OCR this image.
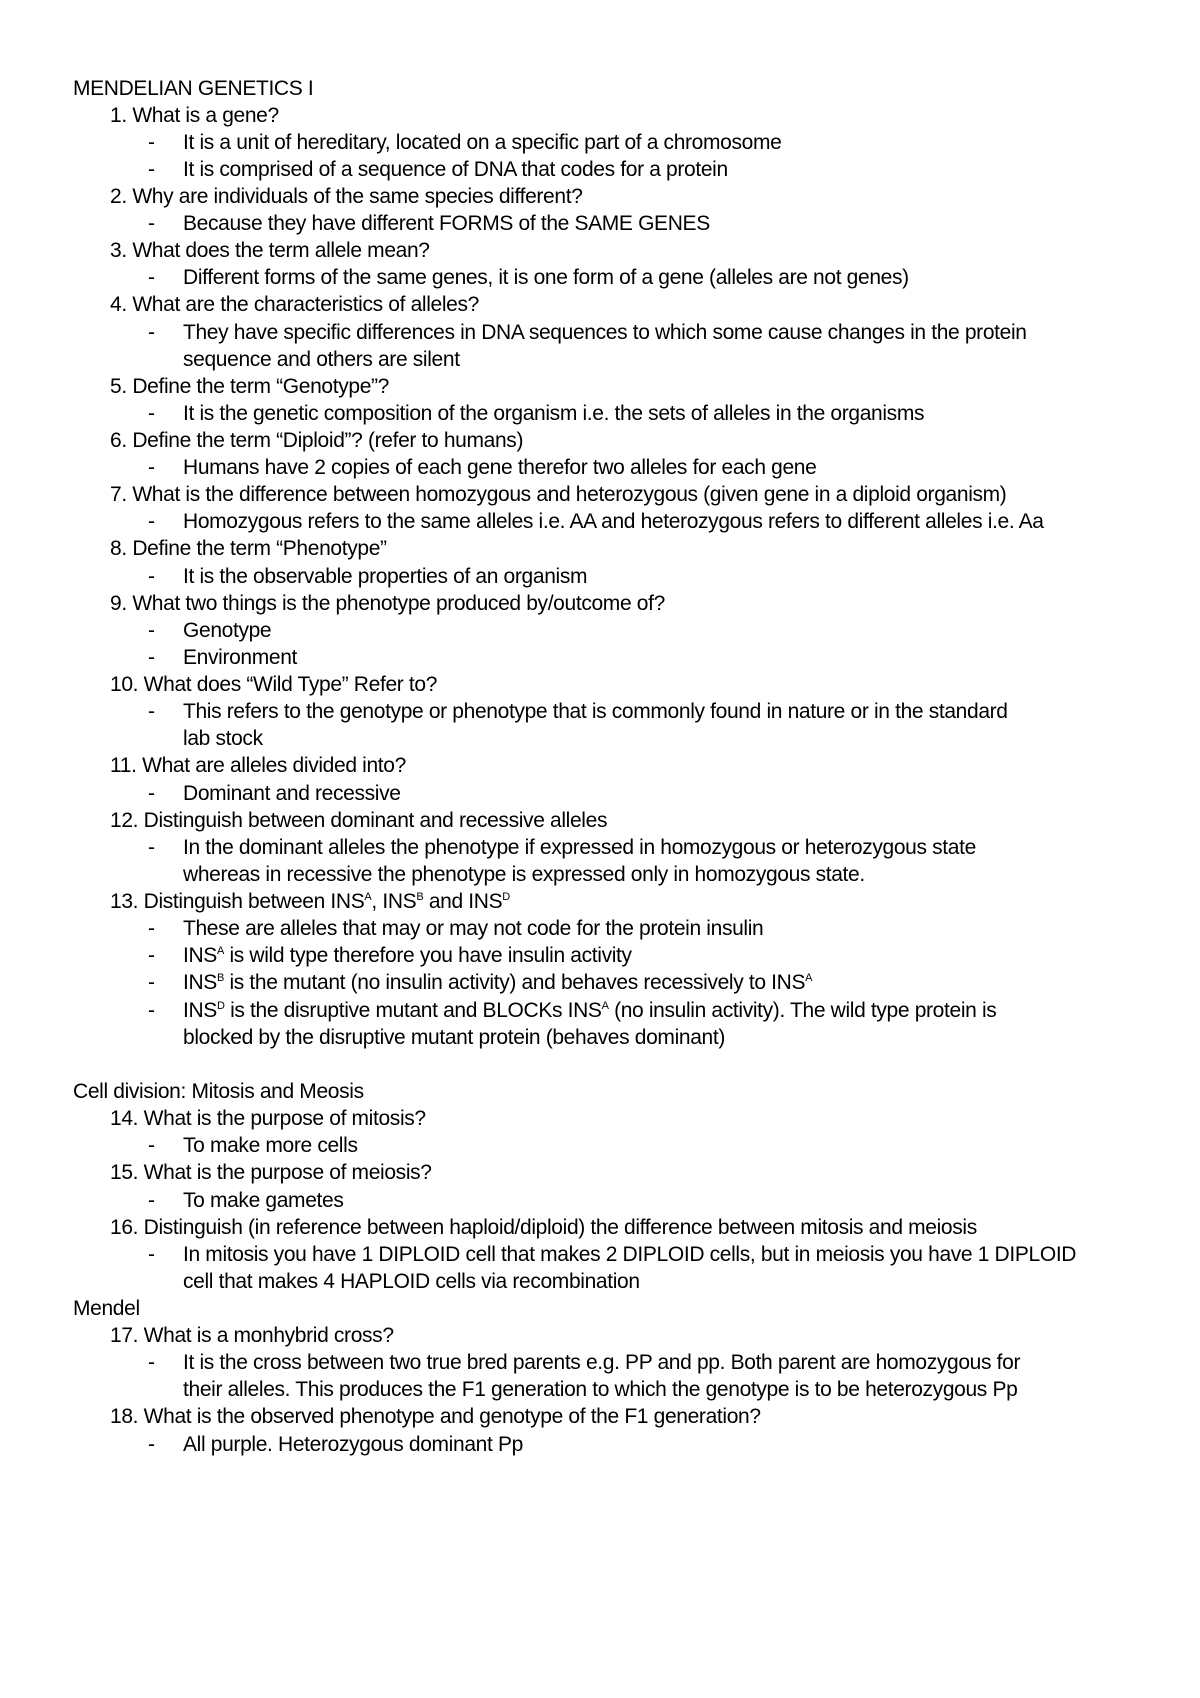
MENDELIAN GENETICS I
1. What is a gene?
- It is a unit of hereditary, located on a specific part of a chromosome
- It is comprised of a sequence of DNA that codes for a protein
2. Why are individuals of the same species different?
- Because they have different FORMS of the SAME GENES
3. What does the term allele mean?
- Different forms of the same genes, it is one form of a gene (alleles are not genes)
4. What are the characteristics of alleles?
- They have specific differences in DNA sequences to which some cause changes in the protein
sequence and others are silent
5. Define the term “Genotype”?
- It is the genetic composition of the organism i.e. the sets of alleles in the organisms
6. Define the term “Diploid”? (refer to humans)
- Humans have 2 copies of each gene therefor two alleles for each gene
7. What is the difference between homozygous and heterozygous (given gene in a diploid organism)
- Homozygous refers to the same alleles i.e. AA and heterozygous refers to different alleles i.e. Aa
8. Define the term “Phenotype”
- It is the observable properties of an organism
9. What two things is the phenotype produced by/outcome of?
- Genotype
- Environment
10. What does “Wild Type” Refer to?
- This refers to the genotype or phenotype that is commonly found in nature or in the standard
lab stock
11. What are alleles divided into?
- Dominant and recessive
12. Distinguish between dominant and recessive alleles
- In the dominant alleles the phenotype if expressed in homozygous or heterozygous state
whereas in recessive the phenotype is expressed only in homozygous state.
13. Distinguish between $INS^A$, $INS^B$ and $INS^D$
- These are alleles that may or may not code for the protein insulin
- $INS^A$ is wild type therefore you have insulin activity
- $INS^B$ is the mutant (no insulin activity) and behaves recessively to $INS^A$
- $INS^D$ is the disruptive mutant and BLOCKs $INS^A$ (no insulin activity). The wild type protein is
blocked by the disruptive mutant protein (behaves dominant)
Cell division: Mitosis and Meosis
14. What is the purpose of mitosis?
- To make more cells
15. What is the purpose of meiosis?
- To make gametes
16. Distinguish (in reference between haploid/diploid) the difference between mitosis and meiosis
- In mitosis you have 1 DIPLOID cell that makes 2 DIPLOID cells, but in meiosis you have 1 DIPLOID
cell that makes 4 HAPLOID cells via recombination
Mendel
17. What is a monhybrid cross?
- It is the cross between two true bred parents e.g. PP and pp. Both parent are homozygous for
their alleles. This produces the F1 generation to which the genotype is to be heterozygous Pp
18. What is the observed phenotype and genotype of the F1 generation?
- All purple. Heterozygous dominant Pp
